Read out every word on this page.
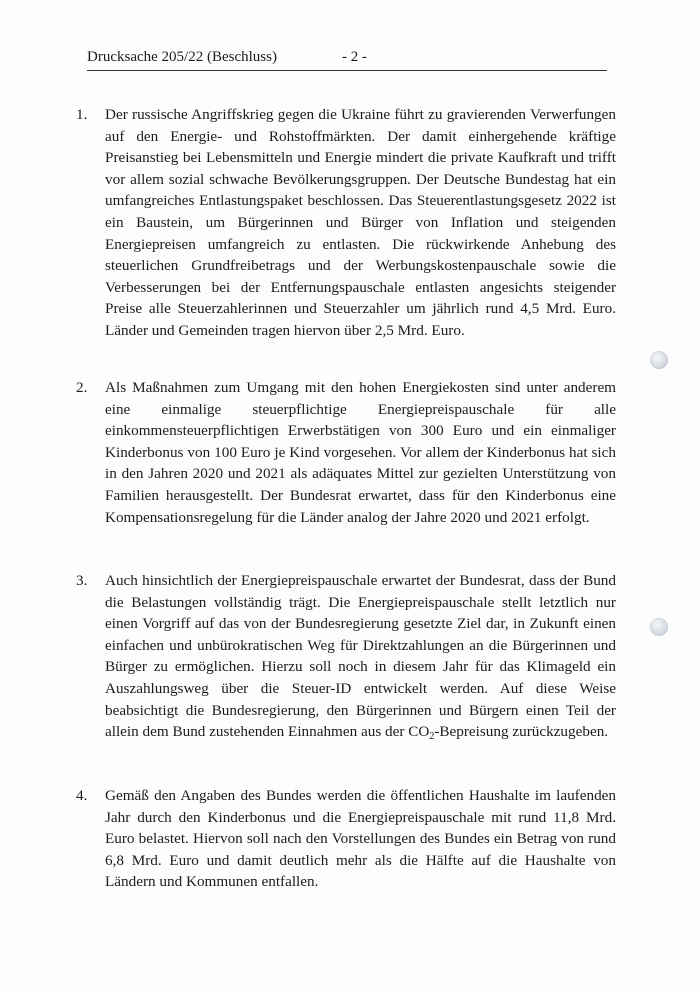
Drucksache 205/22 (Beschluss)	- 2 -
1.	Der russische Angriffskrieg gegen die Ukraine führt zu gravierenden Verwerfungen auf den Energie- und Rohstoffmärkten. Der damit einhergehende kräftige Preisanstieg bei Lebensmitteln und Energie mindert die private Kaufkraft und trifft vor allem sozial schwache Bevölkerungsgruppen. Der Deutsche Bundestag hat ein umfangreiches Entlastungspaket beschlossen. Das Steuerentlastungsgesetz 2022 ist ein Baustein, um Bürgerinnen und Bürger von Inflation und steigenden Energiepreisen umfangreich zu entlasten. Die rückwirkende Anhebung des steuerlichen Grundfreibetrags und der Werbungskostenpauschale sowie die Verbesserungen bei der Entfernungspauschale entlasten angesichts steigender Preise alle Steuerzahlerinnen und Steuerzahler um jährlich rund 4,5 Mrd. Euro. Länder und Gemeinden tragen hiervon über 2,5 Mrd. Euro.
2.	Als Maßnahmen zum Umgang mit den hohen Energiekosten sind unter anderem eine einmalige steuerpflichtige Energiepreispauschale für alle einkommensteuerpflichtigen Erwerbstätigen von 300 Euro und ein einmaliger Kinderbonus von 100 Euro je Kind vorgesehen. Vor allem der Kinderbonus hat sich in den Jahren 2020 und 2021 als adäquates Mittel zur gezielten Unterstützung von Familien herausgestellt. Der Bundesrat erwartet, dass für den Kinderbonus eine Kompensationsregelung für die Länder analog der Jahre 2020 und 2021 erfolgt.
3.	Auch hinsichtlich der Energiepreispauschale erwartet der Bundesrat, dass der Bund die Belastungen vollständig trägt. Die Energiepreispauschale stellt letztlich nur einen Vorgriff auf das von der Bundesregierung gesetzte Ziel dar, in Zukunft einen einfachen und unbürokratischen Weg für Direktzahlungen an die Bürgerinnen und Bürger zu ermöglichen. Hierzu soll noch in diesem Jahr für das Klimageld ein Auszahlungsweg über die Steuer-ID entwickelt werden. Auf diese Weise beabsichtigt die Bundesregierung, den Bürgerinnen und Bürgern einen Teil der allein dem Bund zustehenden Einnahmen aus der $CO_2$-Bepreisung zurückzugeben.
4.	Gemäß den Angaben des Bundes werden die öffentlichen Haushalte im laufenden Jahr durch den Kinderbonus und die Energiepreispauschale mit rund 11,8 Mrd. Euro belastet. Hiervon soll nach den Vorstellungen des Bundes ein Betrag von rund 6,8 Mrd. Euro und damit deutlich mehr als die Hälfte auf die Haushalte von Ländern und Kommunen entfallen.
